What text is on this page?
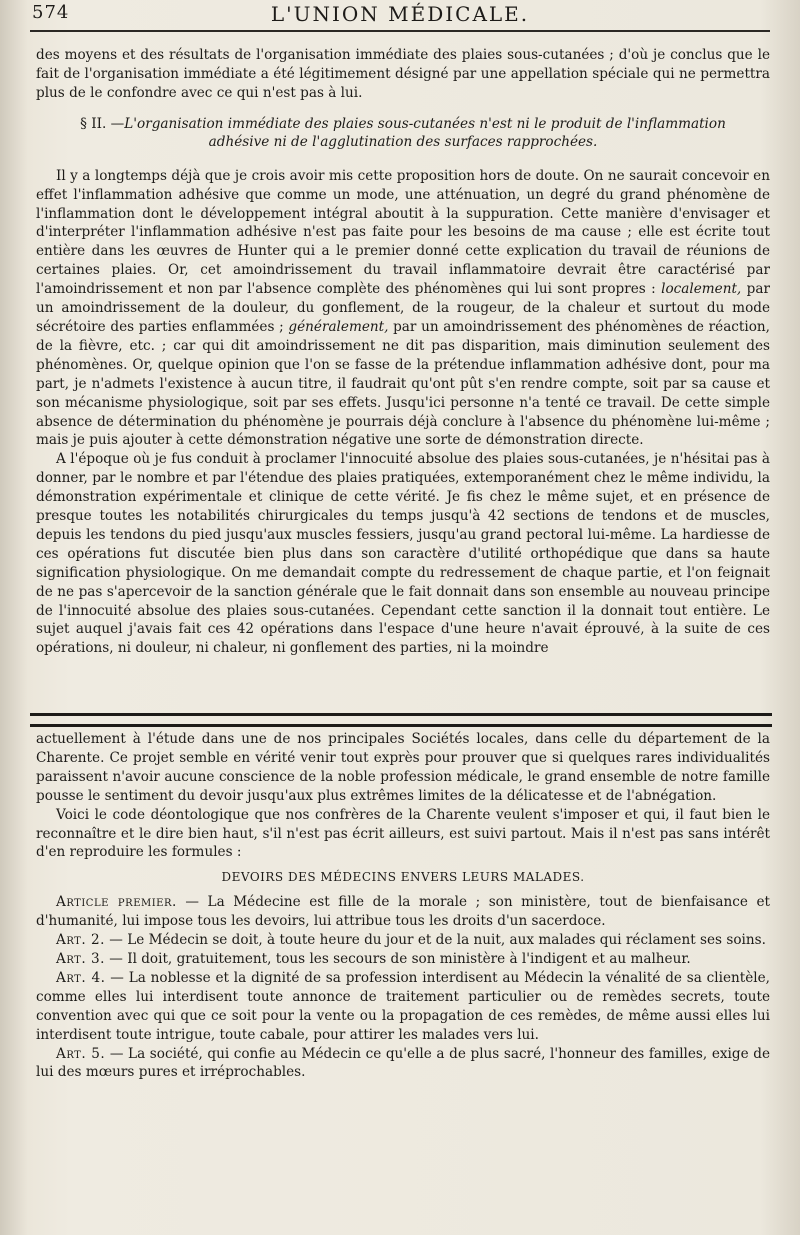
574	L'UNION MÉDICALE.

des moyens et des résultats de l'organisation immédiate des plaies sous-cutanées ; d'où je conclus que le fait de l'organisation immédiate a été légitimement désigné par une appellation spéciale qui ne permettra plus de le confondre avec ce qui n'est pas à lui.

§ II. —L'organisation immédiate des plaies sous-cutanées n'est ni le produit de l'inflammation
adhésive ni de l'agglutination des surfaces rapprochées.

Il y a longtemps déjà que je crois avoir mis cette proposition hors de doute. On ne saurait concevoir en effet l'inflammation adhésive que comme un mode, une atténuation, un degré du grand phénomène de l'inflammation dont le développement intégral aboutit à la suppuration. Cette manière d'envisager et d'interpréter l'inflammation adhésive n'est pas faite pour les besoins de ma cause ; elle est écrite tout entière dans les œuvres de Hunter qui a le premier donné cette explication du travail de réunions de certaines plaies. Or, cet amoindrissement du travail inflammatoire devrait être caractérisé par l'amoindrissement et non par l'absence complète des phénomènes qui lui sont propres : localement, par un amoindrissement de la douleur, du gonflement, de la rougeur, de la chaleur et surtout du mode sécrétoire des parties enflammées ; généralement, par un amoindrissement des phénomènes de réaction, de la fièvre, etc. ; car qui dit amoindrissement ne dit pas disparition, mais diminution seulement des phénomènes. Or, quelque opinion que l'on se fasse de la prétendue inflammation adhésive dont, pour ma part, je n'admets l'existence à aucun titre, il faudrait qu'ont pût s'en rendre compte, soit par sa cause et son mécanisme physiologique, soit par ses effets. Jusqu'ici personne n'a tenté ce travail. De cette simple absence de détermination du phénomène je pourrais déjà conclure à l'absence du phénomène lui-même ; mais je puis ajouter à cette démonstration négative une sorte de démonstration directe.

A l'époque où je fus conduit à proclamer l'innocuité absolue des plaies sous-cutanées, je n'hésitai pas à donner, par le nombre et par l'étendue des plaies pratiquées, extemporanément chez le même individu, la démonstration expérimentale et clinique de cette vérité. Je fis chez le même sujet, et en présence de presque toutes les notabilités chirurgicales du temps jusqu'à 42 sections de tendons et de muscles, depuis les tendons du pied jusqu'aux muscles fessiers, jusqu'au grand pectoral lui-même. La hardiesse de ces opérations fut discutée bien plus dans son caractère d'utilité orthopédique que dans sa haute signification physiologique. On me demandait compte du redressement de chaque partie, et l'on feignait de ne pas s'apercevoir de la sanction générale que le fait donnait dans son ensemble au nouveau principe de l'innocuité absolue des plaies sous-cutanées. Cependant cette sanction il la donnait tout entière. Le sujet auquel j'avais fait ces 42 opérations dans l'espace d'une heure n'avait éprouvé, à la suite de ces opérations, ni douleur, ni chaleur, ni gonflement des parties, ni la moindre

actuellement à l'étude dans une de nos principales Sociétés locales, dans celle du département de la Charente. Ce projet semble en vérité venir tout exprès pour prouver que si quelques rares individualités paraissent n'avoir aucune conscience de la noble profession médicale, le grand ensemble de notre famille pousse le sentiment du devoir jusqu'aux plus extrêmes limites de la délicatesse et de l'abnégation.

Voici le code déontologique que nos confrères de la Charente veulent s'imposer et qui, il faut bien le reconnaître et le dire bien haut, s'il n'est pas écrit ailleurs, est suivi partout. Mais il n'est pas sans intérêt d'en reproduire les formules :

DEVOIRS DES MÉDECINS ENVERS LEURS MALADES.

Article premier. — La Médecine est fille de la morale ; son ministère, tout de bienfaisance et d'humanité, lui impose tous les devoirs, lui attribue tous les droits d'un sacerdoce.

Art. 2. — Le Médecin se doit, à toute heure du jour et de la nuit, aux malades qui réclament ses soins.

Art. 3. — Il doit, gratuitement, tous les secours de son ministère à l'indigent et au malheur.

Art. 4. — La noblesse et la dignité de sa profession interdisent au Médecin la vénalité de sa clientèle, comme elles lui interdisent toute annonce de traitement particulier ou de remèdes secrets, toute convention avec qui que ce soit pour la vente ou la propagation de ces remèdes, de même aussi elles lui interdisent toute intrigue, toute cabale, pour attirer les malades vers lui.

Art. 5. — La société, qui confie au Médecin ce qu'elle a de plus sacré, l'honneur des familles, exige de lui des mœurs pures et irréprochables.
